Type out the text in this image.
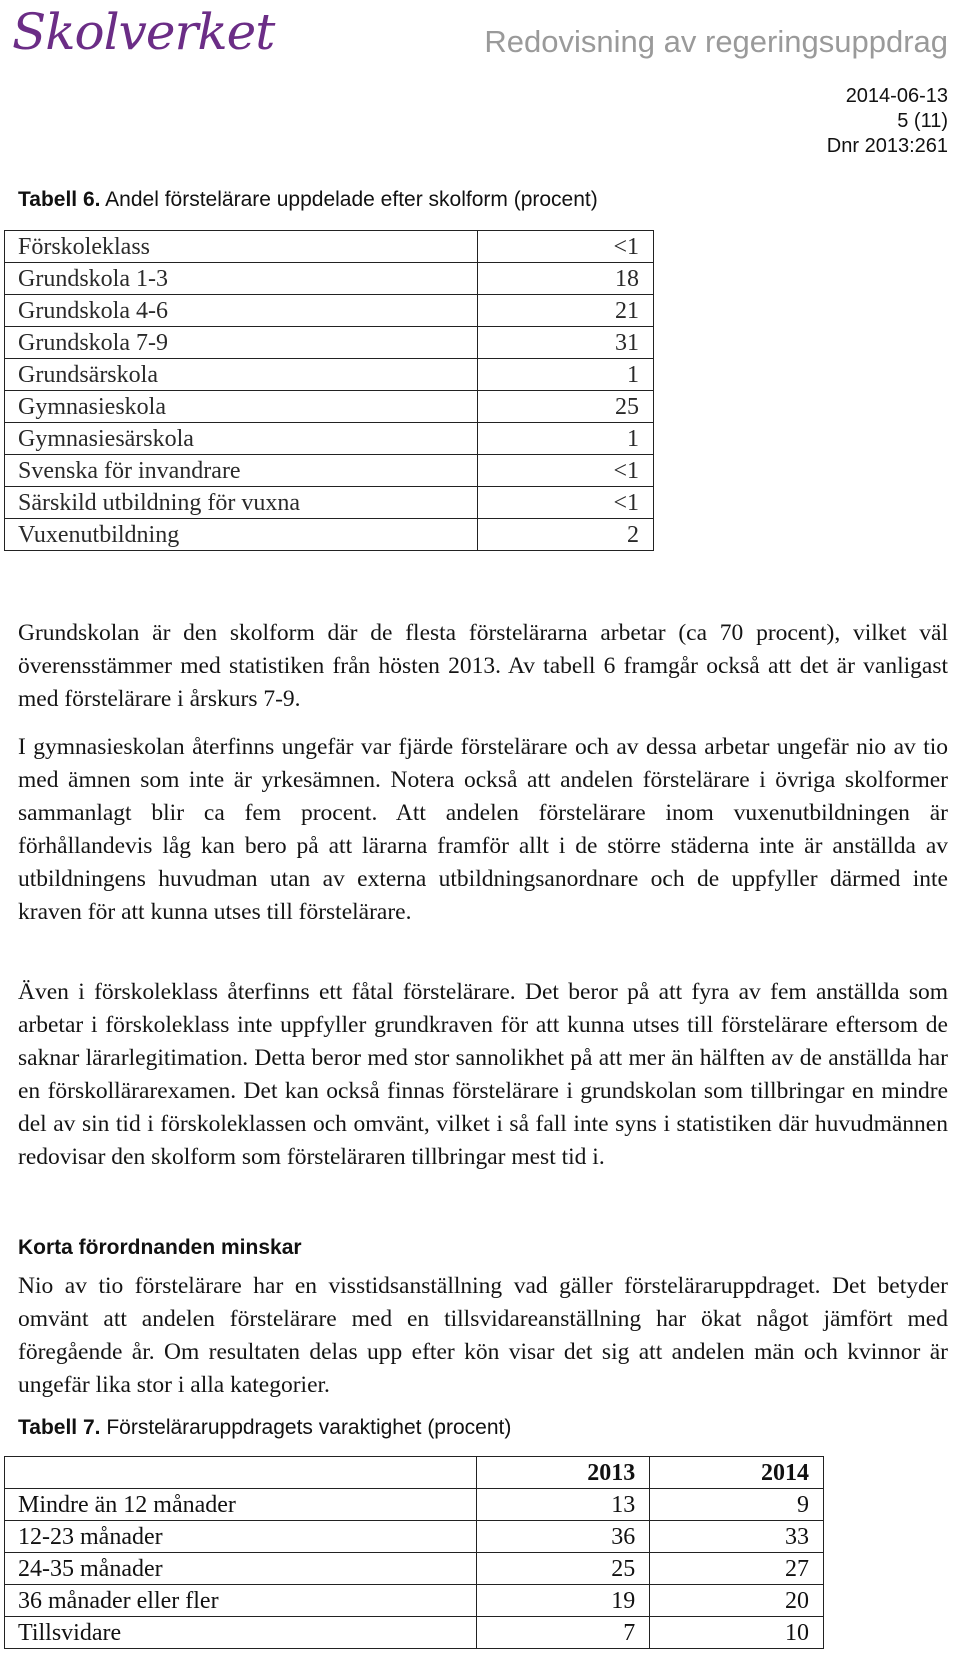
Skolverket	Redovisning av regeringsuppdrag
2014-06-13
5 (11)
Dnr 2013:261
Tabell 6. Andel förstelärare uppdelade efter skolform (procent)
Förskoleklass	<1
Grundskola 1-3	18
Grundskola 4-6	21
Grundskola 7-9	31
Grundsärskola	1
Gymnasieskola	25
Gymnasiesärskola	1
Svenska för invandrare	<1
Särskild utbildning för vuxna	<1
Vuxenutbildning	2

Grundskolan är den skolform där de flesta förstelärarna arbetar (ca 70 procent), vilket väl överensstämmer med statistiken från hösten 2013. Av tabell 6 framgår också att det är vanligast med förstelärare i årskurs 7-9.

I gymnasieskolan återfinns ungefär var fjärde förstelärare och av dessa arbetar ungefär nio av tio med ämnen som inte är yrkesämnen. Notera också att andelen förstelärare i övriga skolformer sammanlagt blir ca fem procent. Att andelen förstelärare inom vuxenutbildningen är förhållandevis låg kan bero på att lärarna framför allt i de större städerna inte är anställda av utbildningens huvudman utan av externa utbildningsanordnare och de uppfyller därmed inte kraven för att kunna utses till förstelärare.

Även i förskoleklass återfinns ett fåtal förstelärare. Det beror på att fyra av fem anställda som arbetar i förskoleklass inte uppfyller grundkraven för att kunna utses till förstelärare eftersom de saknar lärarlegitimation. Detta beror med stor sannolikhet på att mer än hälften av de anställda har en förskollärarexamen. Det kan också finnas förstelärare i grundskolan som tillbringar en mindre del av sin tid i förskoleklassen och omvänt, vilket i så fall inte syns i statistiken där huvudmännen redovisar den skolform som försteläraren tillbringar mest tid i.

Korta förordnanden minskar

Nio av tio förstelärare har en visstidsanställning vad gäller försteläraruppdraget. Det betyder omvänt att andelen förstelärare med en tillsvidareanställning har ökat något jämfört med föregående år. Om resultaten delas upp efter kön visar det sig att andelen män och kvinnor är ungefär lika stor i alla kategorier.

Tabell 7. Försteläraruppdragets varaktighet (procent)
	2013	2014
Mindre än 12 månader	13	9
12-23 månader	36	33
24-35 månader	25	27
36 månader eller fler	19	20
Tillsvidare	7	10
